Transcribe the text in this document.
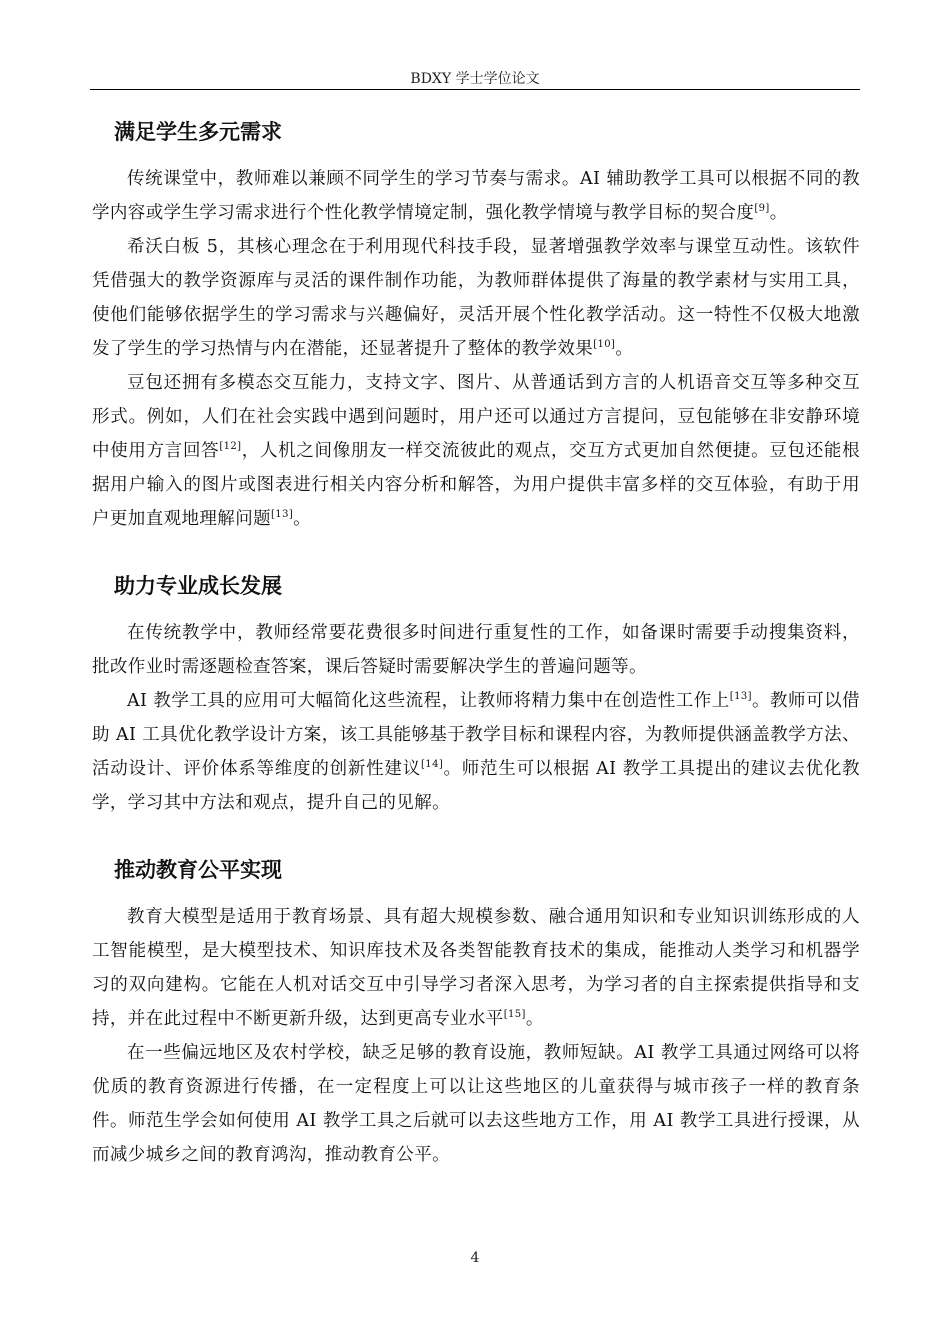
BDXY 学士学位论文
满足学生多元需求

传统课堂中，教师难以兼顾不同学生的学习节奏与需求。AI 辅助教学工具可以根据不同的教学内容或学生学习需求进行个性化教学情境定制，强化教学情境与教学目标的契合度[9]。

希沃白板 5，其核心理念在于利用现代科技手段，显著增强教学效率与课堂互动性。该软件凭借强大的教学资源库与灵活的课件制作功能，为教师群体提供了海量的教学素材与实用工具，使他们能够依据学生的学习需求与兴趣偏好，灵活开展个性化教学活动。这一特性不仅极大地激发了学生的学习热情与内在潜能，还显著提升了整体的教学效果[10]。

豆包还拥有多模态交互能力，支持文字、图片、从普通话到方言的人机语音交互等多种交互形式。例如，人们在社会实践中遇到问题时，用户还可以通过方言提问，豆包能够在非安静环境中使用方言回答[12]，人机之间像朋友一样交流彼此的观点，交互方式更加自然便捷。豆包还能根据用户输入的图片或图表进行相关内容分析和解答，为用户提供丰富多样的交互体验，有助于用户更加直观地理解问题[13]。

助力专业成长发展

在传统教学中，教师经常要花费很多时间进行重复性的工作，如备课时需要手动搜集资料，批改作业时需逐题检查答案，课后答疑时需要解决学生的普遍问题等。

AI 教学工具的应用可大幅简化这些流程，让教师将精力集中在创造性工作上[13]。教师可以借助 AI 工具优化教学设计方案，该工具能够基于教学目标和课程内容，为教师提供涵盖教学方法、活动设计、评价体系等维度的创新性建议[14]。师范生可以根据 AI 教学工具提出的建议去优化教学，学习其中方法和观点，提升自己的见解。

推动教育公平实现

教育大模型是适用于教育场景、具有超大规模参数、融合通用知识和专业知识训练形成的人工智能模型，是大模型技术、知识库技术及各类智能教育技术的集成，能推动人类学习和机器学习的双向建构。它能在人机对话交互中引导学习者深入思考，为学习者的自主探索提供指导和支持，并在此过程中不断更新升级，达到更高专业水平[15]。

在一些偏远地区及农村学校，缺乏足够的教育设施，教师短缺。AI 教学工具通过网络可以将优质的教育资源进行传播，在一定程度上可以让这些地区的儿童获得与城市孩子一样的教育条件。师范生学会如何使用 AI 教学工具之后就可以去这些地方工作，用 AI 教学工具进行授课，从而减少城乡之间的教育鸿沟，推动教育公平。

4
